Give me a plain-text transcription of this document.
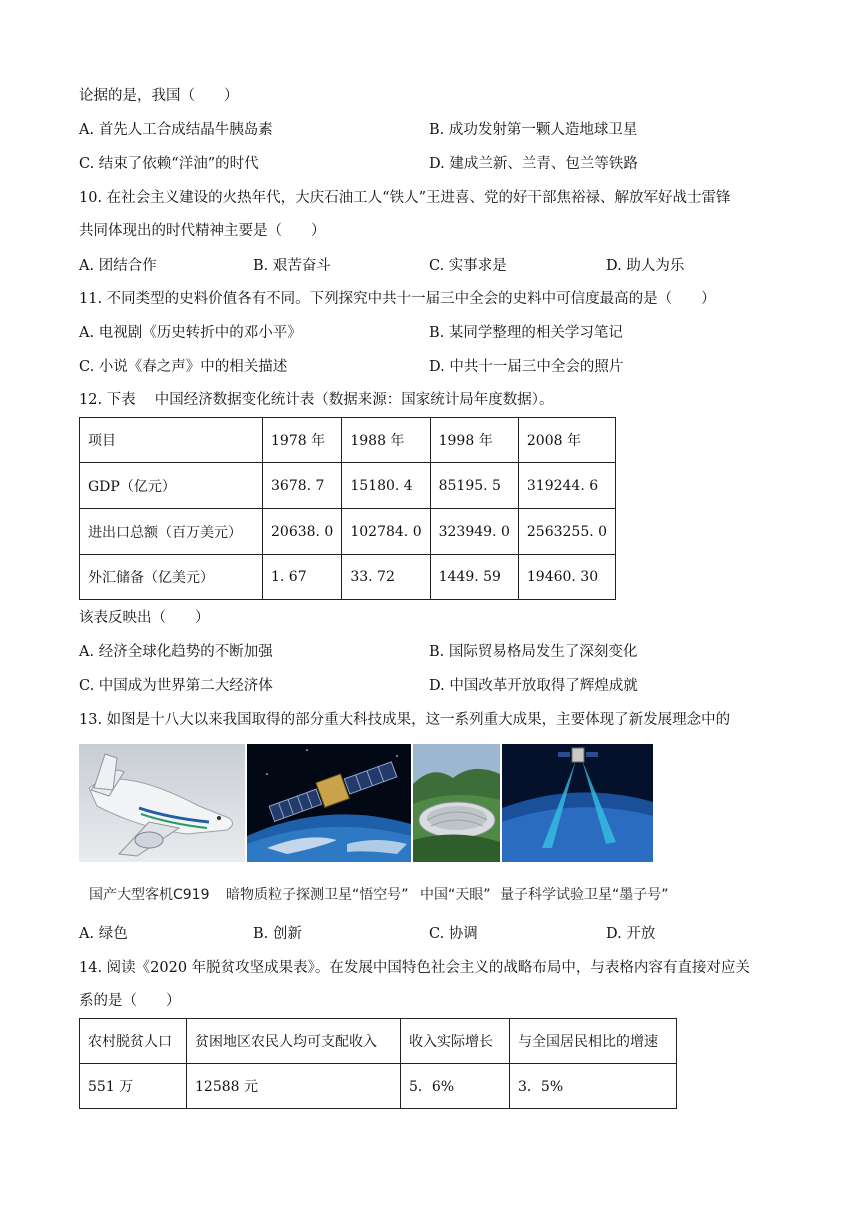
论据的是，我国（　　）
A. 首先人工合成结晶牛胰岛素	B. 成功发射第一颗人造地球卫星
C. 结束了依赖“洋油”的时代	D. 建成兰新、兰青、包兰等铁路
10. 在社会主义建设的火热年代，大庆石油工人“铁人”王进喜、党的好干部焦裕禄、解放军好战士雷锋
共同体现出的时代精神主要是（　　）
A. 团结合作	B. 艰苦奋斗	C. 实事求是	D. 助人为乐
11. 不同类型的史料价值各有不同。下列探究中共十一届三中全会的史料中可信度最高的是（　　）
A. 电视剧《历史转折中的邓小平》	B. 某同学整理的相关学习笔记
C. 小说《春之声》中的相关描述	D. 中共十一届三中全会的照片
12. 下表　 中国经济数据变化统计表（数据来源：国家统计局年度数据）。
项目	1978 年	1988 年	1998 年	2008 年
GDP（亿元）	3678. 7	15180. 4	85195. 5	319244. 6
进出口总额（百万美元）	20638. 0	102784. 0	323949. 0	2563255. 0
外汇储备（亿美元）	1. 67	33. 72	1449. 59	19460. 30
该表反映出（　　）
A. 经济全球化趋势的不断加强	B. 国际贸易格局发生了深刻变化
C. 中国成为世界第二大经济体	D. 中国改革开放取得了辉煌成就
13. 如图是十八大以来我国取得的部分重大科技成果，这一系列重大成果，主要体现了新发展理念中的
国产大型客机C919 暗物质粒子探测卫星“悟空号” 中国“天眼” 量子科学试验卫星“墨子号”
A. 绿色	B. 创新	C. 协调	D. 开放
14. 阅读《2020 年脱贫攻坚成果表》。在发展中国特色社会主义的战略布局中，与表格内容有直接对应关
系的是（　　）
农村脱贫人口	贫困地区农民人均可支配收入	收入实际增长	与全国居民相比的增速
551 万	12588 元	5．6%	3．5%
